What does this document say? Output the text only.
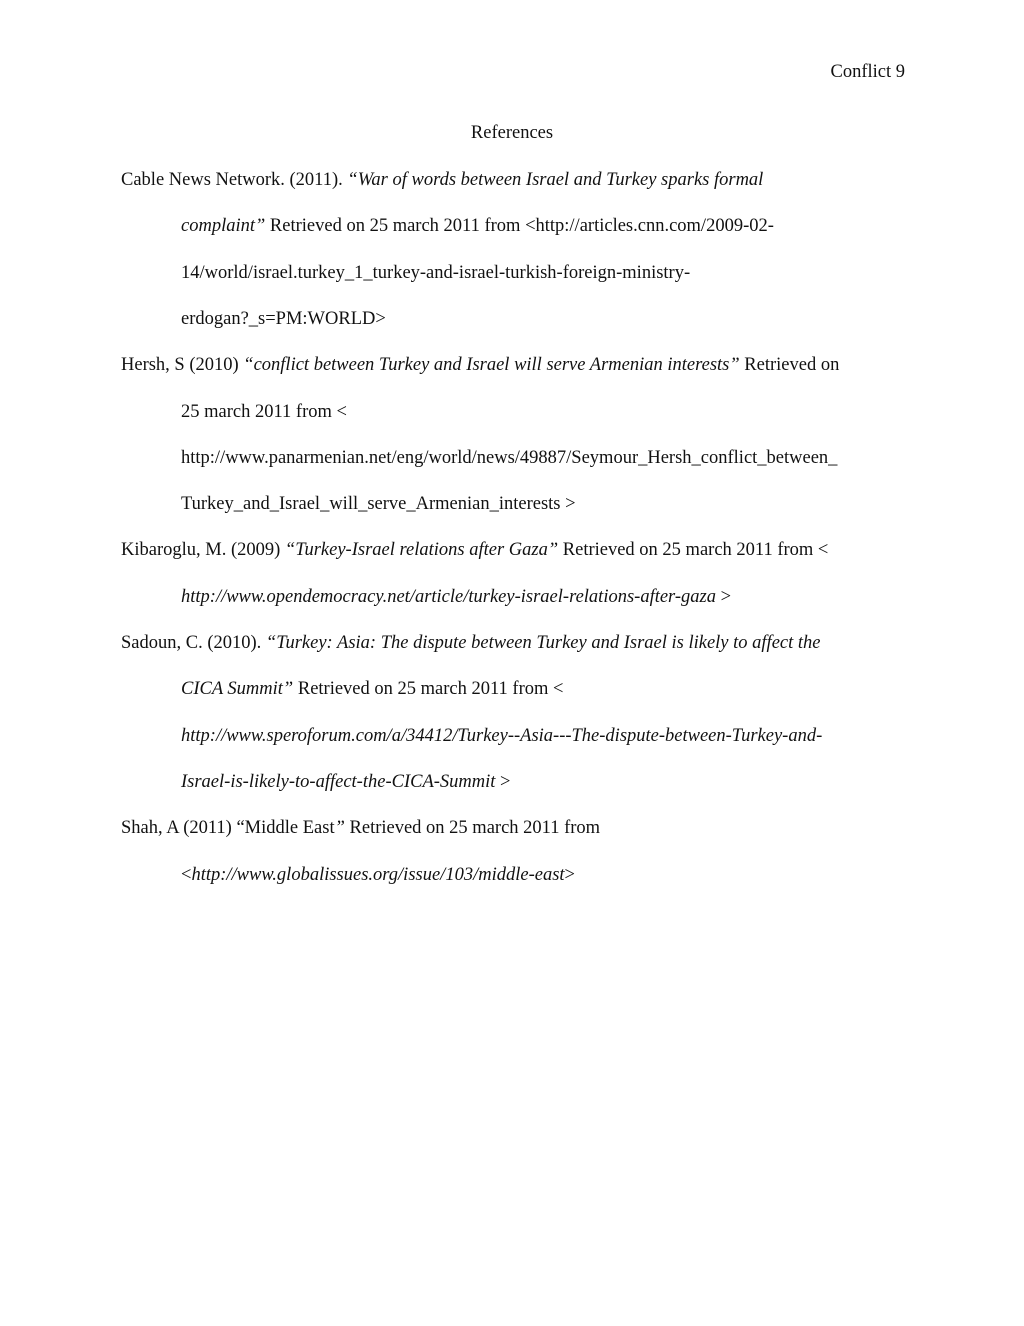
Conflict 9
References
Cable News Network. (2011). “War of words between Israel and Turkey sparks formal
complaint” Retrieved on 25 march 2011 from <http://articles.cnn.com/2009-02-
14/world/israel.turkey_1_turkey-and-israel-turkish-foreign-ministry-
erdogan?_s=PM:WORLD>
Hersh, S (2010) “conflict between Turkey and Israel will serve Armenian interests” Retrieved on
25 march 2011 from <
http://www.panarmenian.net/eng/world/news/49887/Seymour_Hersh_conflict_between_
Turkey_and_Israel_will_serve_Armenian_interests >
Kibaroglu, M. (2009) “Turkey-Israel relations after Gaza” Retrieved on 25 march 2011 from <
http://www.opendemocracy.net/article/turkey-israel-relations-after-gaza >
Sadoun, C. (2010). “Turkey: Asia: The dispute between Turkey and Israel is likely to affect the
CICA Summit” Retrieved on 25 march 2011 from <
http://www.speroforum.com/a/34412/Turkey--Asia---The-dispute-between-Turkey-and-
Israel-is-likely-to-affect-the-CICA-Summit >
Shah, A (2011) “Middle East” Retrieved on 25 march 2011 from
<http://www.globalissues.org/issue/103/middle-east>
